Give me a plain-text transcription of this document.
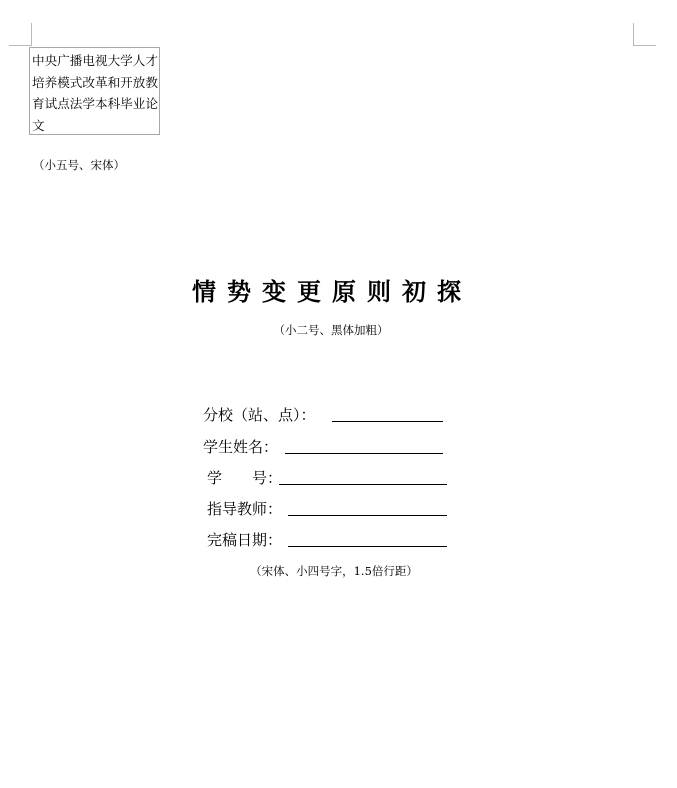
中央广播电视大学人才培养模式改革和开放教育试点法学本科毕业论文
（小五号、宋体）
情势变更原则初探
（小二号、黑体加粗）
分校（站、点）：
学生姓名：
学　　号：
指导教师：
完稿日期：
（宋体、小四号字，1.5倍行距）
